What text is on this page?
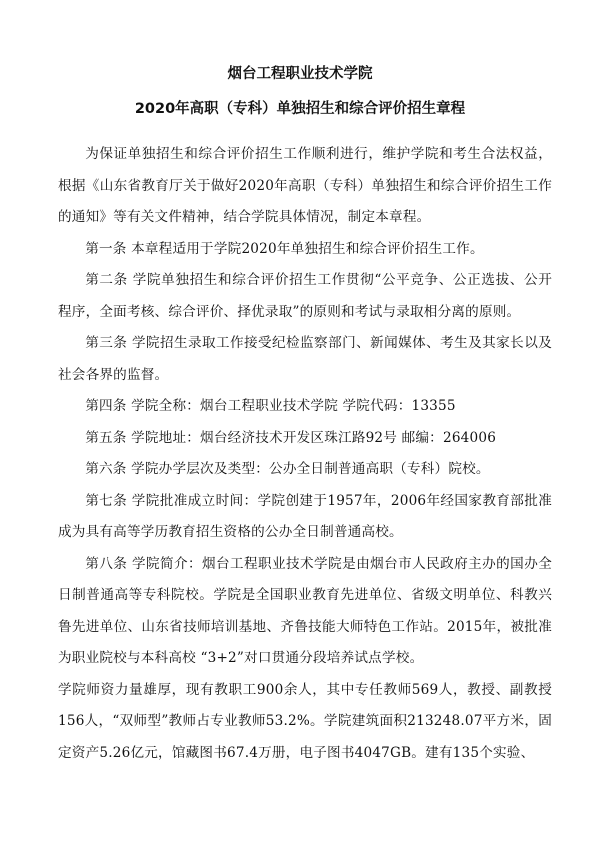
烟台工程职业技术学院
2020年高职（专科）单独招生和综合评价招生章程

为保证单独招生和综合评价招生工作顺利进行，维护学院和考生合法权益，根据《山东省教育厅关于做好2020年高职（专科）单独招生和综合评价招生工作的通知》等有关文件精神，结合学院具体情况，制定本章程。

第一条 本章程适用于学院2020年单独招生和综合评价招生工作。

第二条 学院单独招生和综合评价招生工作贯彻“公平竞争、公正选拔、公开程序，全面考核、综合评价、择优录取”的原则和考试与录取相分离的原则。

第三条 学院招生录取工作接受纪检监察部门、新闻媒体、考生及其家长以及社会各界的监督。

第四条 学院全称：烟台工程职业技术学院 学院代码：13355

第五条 学院地址：烟台经济技术开发区珠江路92号 邮编：264006

第六条 学院办学层次及类型：公办全日制普通高职（专科）院校。

第七条 学院批准成立时间：学院创建于1957年，2006年经国家教育部批准成为具有高等学历教育招生资格的公办全日制普通高校。

第八条 学院简介：烟台工程职业技术学院是由烟台市人民政府主办的国办全日制普通高等专科院校。学院是全国职业教育先进单位、省级文明单位、科教兴鲁先进单位、山东省技师培训基地、齐鲁技能大师特色工作站。2015年，被批准为职业院校与本科高校 “3+2”对口贯通分段培养试点学校。

学院师资力量雄厚，现有教职工900余人，其中专任教师569人，教授、副教授156人，“双师型”教师占专业教师53.2%。学院建筑面积213248.07平方米，固定资产5.26亿元，馆藏图书67.4万册，电子图书4047GB。建有135个实验、
